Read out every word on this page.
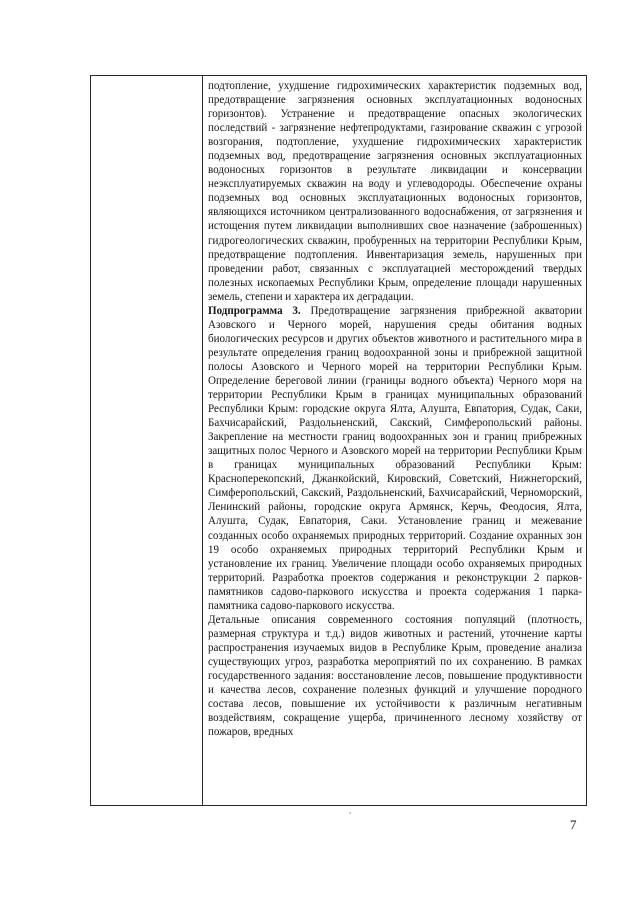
подтопление, ухудшение гидрохимических характеристик подземных вод, предотвращение загрязнения основных эксплуатационных водоносных горизонтов). Устранение и предотвращение опасных экологических последствий - загрязнение нефтепродуктами, газирование скважин с угрозой возгорания, подтопление, ухудшение гидрохимических характеристик подземных вод, предотвращение загрязнения основных эксплуатационных водоносных горизонтов в результате ликвидации и консервации неэксплуатируемых скважин на воду и углеводороды. Обеспечение охраны подземных вод основных эксплуатационных водоносных горизонтов, являющихся источником централизованного водоснабжения, от загрязнения и истощения путем ликвидации выполнивших свое назначение (заброшенных) гидрогеологических скважин, пробуренных на территории Республики Крым, предотвращение подтопления. Инвентаризация земель, нарушенных при проведении работ, связанных с эксплуатацией месторождений твердых полезных ископаемых Республики Крым, определение площади нарушенных земель, степени и характера их деградации.

Подпрограмма 3. Предотвращение загрязнения прибрежной акватории Азовского и Черного морей, нарушения среды обитания водных биологических ресурсов и других объектов животного и растительного мира в результате определения границ водоохранной зоны и прибрежной защитной полосы Азовского и Черного морей на территории Республики Крым. Определение береговой линии (границы водного объекта) Черного моря на территории Республики Крым в границах муниципальных образований Республики Крым: городские округа Ялта, Алушта, Евпатория, Судак, Саки, Бахчисарайский, Раздольненский, Сакский, Симферопольский районы. Закрепление на местности границ водоохранных зон и границ прибрежных защитных полос Черного и Азовского морей на территории Республики Крым в границах муниципальных образований Республики Крым: Красноперекопский, Джанкойский, Кировский, Советский, Нижнегорский, Симферопольский, Сакский, Раздольненский, Бахчисарайский, Черноморский, Ленинский районы, городские округа Армянск, Керчь, Феодосия, Ялта, Алушта, Судак, Евпатория, Саки. Установление границ и межевание созданных особо охраняемых природных территорий. Создание охранных зон 19 особо охраняемых природных территорий Республики Крым и установление их границ. Увеличение площади особо охраняемых природных территорий. Разработка проектов содержания и реконструкции 2 парков-памятников садово-паркового искусства и проекта содержания 1 парка-памятника садово-паркового искусства.

Детальные описания современного состояния популяций (плотность, размерная структура и т.д.) видов животных и растений, уточнение карты распространения изучаемых видов в Республике Крым, проведение анализа существующих угроз, разработка мероприятий по их сохранению. В рамках государственного задания: восстановление лесов, повышение продуктивности и качества лесов, сохранение полезных функций и улучшение породного состава лесов, повышение их устойчивости к различным негативным воздействиям, сокращение ущерба, причиненного лесному хозяйству от пожаров, вредных

7
